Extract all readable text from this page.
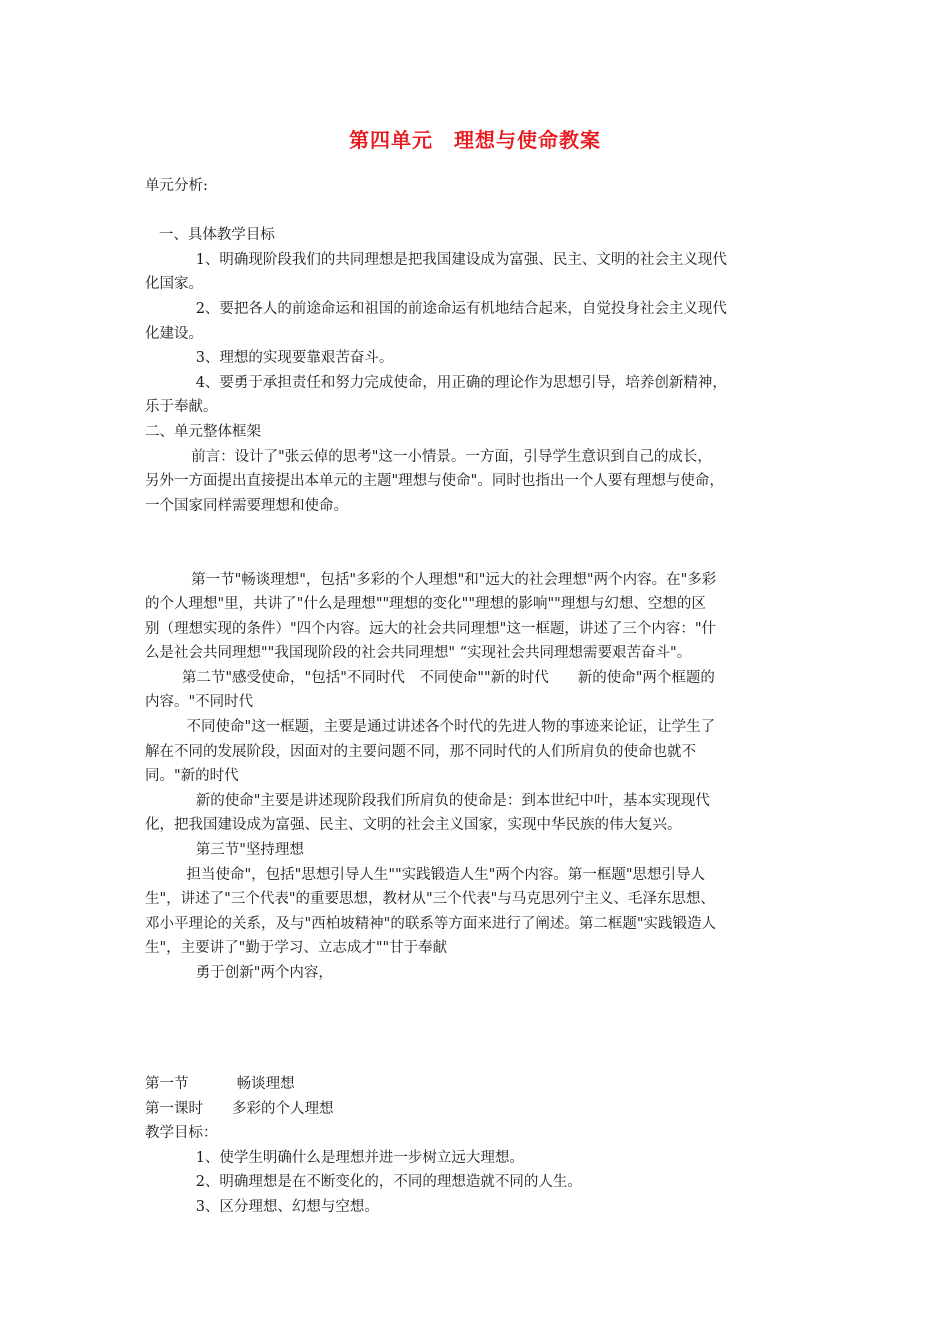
第四单元　理想与使命教案
单元分析:
一、具体教学目标
1、明确现阶段我们的共同理想是把我国建设成为富强、民主、文明的社会主义现代
化国家。
2、要把各人的前途命运和祖国的前途命运有机地结合起来，自觉投身社会主义现代
化建设。
3、理想的实现要靠艰苦奋斗。
4、要勇于承担责任和努力完成使命，用正确的理论作为思想引导，培养创新精神，
乐于奉献。
二、单元整体框架
前言：设计了"张云倬的思考"这一小情景。一方面，引导学生意识到自己的成长，
另外一方面提出直接提出本单元的主题"理想与使命"。同时也指出一个人要有理想与使命，
一个国家同样需要理想和使命。
第一节"畅谈理想"，包括"多彩的个人理想"和"远大的社会理想"两个内容。在"多彩
的个人理想"里，共讲了"什么是理想""理想的变化""理想的影响""理想与幻想、空想的区
别（理想实现的条件）"四个内容。远大的社会共同理想"这一框题，讲述了三个内容："什
么是社会共同理想""我国现阶段的社会共同理想" “实现社会共同理想需要艰苦奋斗"。
第二节"感受使命，"包括"不同时代　不同使命""新的时代　　新的使命"两个框题的
内容。"不同时代
不同使命"这一框题，主要是通过讲述各个时代的先进人物的事迹来论证，让学生了
解在不同的发展阶段，因面对的主要问题不同，那不同时代的人们所肩负的使命也就不
同。"新的时代
新的使命"主要是讲述现阶段我们所肩负的使命是：到本世纪中叶，基本实现现代
化，把我国建设成为富强、民主、文明的社会主义国家，实现中华民族的伟大复兴。
第三节"坚持理想
担当使命"，包括"思想引导人生""实践锻造人生"两个内容。第一框题"思想引导人
生"，讲述了"三个代表"的重要思想，教材从"三个代表"与马克思列宁主义、毛泽东思想、
邓小平理论的关系，及与"西柏坡精神"的联系等方面来进行了阐述。第二框题"实践锻造人
生"，主要讲了"勤于学习、立志成才""甘于奉献
勇于创新"两个内容，
第一节　　　 畅谈理想
第一课时　　多彩的个人理想
教学目标：
1、使学生明确什么是理想并进一步树立远大理想。
2、明确理想是在不断变化的，不同的理想造就不同的人生。
3、区分理想、幻想与空想。
